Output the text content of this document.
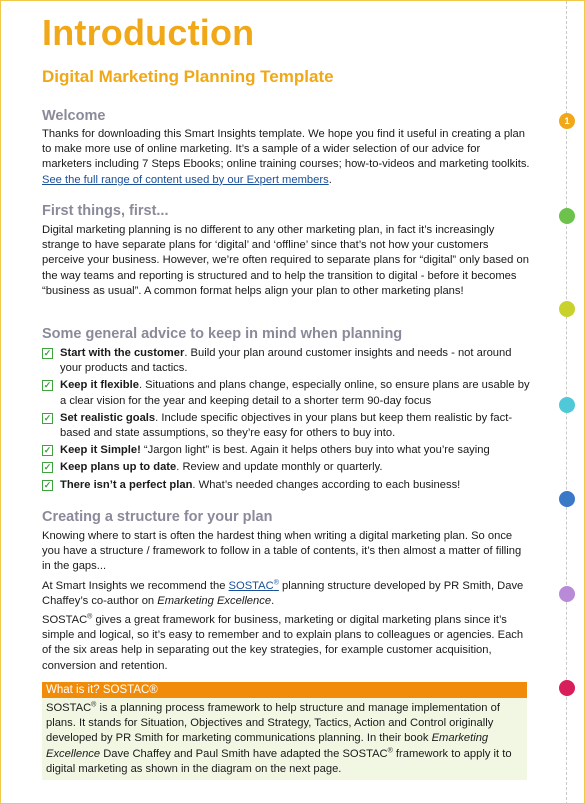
1
Introduction
Digital Marketing Planning Template
Welcome

Thanks for downloading this Smart Insights template. We hope you find it useful in creating a plan to make more use of online marketing. It’s a sample of a wider selection of our advice for marketers including 7 Steps Ebooks; online training courses; how-to-videos and marketing toolkits. See the full range of content used by our Expert members.

First things, first...

Digital marketing planning is no different to any other marketing plan, in fact it’s increasingly strange to have separate plans for ‘digital’ and ‘offline’ since that’s not how your customers perceive your business. However, we’re often required to separate plans for “digital” only based on the way teams and reporting is structured and to help the transition to digital - before it becomes “business as usual”. A common format helps align your plan to other marketing plans!

Some general advice to keep in mind when planning
✓ Start with the customer. Build your plan around customer insights and needs - not around your products and tactics.
✓ Keep it flexible. Situations and plans change, especially online, so ensure plans are usable by a clear vision for the year and keeping detail to a shorter term 90-day focus
✓ Set realistic goals. Include specific objectives in your plans but keep them realistic by fact-based and state assumptions, so they’re easy for others to buy into.
✓ Keep it Simple! “Jargon light” is best. Again it helps others buy into what you’re saying
✓ Keep plans up to date. Review and update monthly or quarterly.
✓ There isn’t a perfect plan. What’s needed changes according to each business!
Creating a structure for your plan

Knowing where to start is often the hardest thing when writing a digital marketing plan. So once you have a structure / framework to follow in a table of contents, it’s then almost a matter of filling in the gaps...

At Smart Insights we recommend the SOSTAC® planning structure developed by PR Smith, Dave Chaffey’s co-author on Emarketing Excellence.

SOSTAC® gives a great framework for business, marketing or digital marketing plans since it’s simple and logical, so it’s easy to remember and to explain plans to colleagues or agencies. Each of the six areas help in separating out the key strategies, for example customer acquisition, conversion and retention.

What is it? SOSTAC®

SOSTAC® is a planning process framework to help structure and manage implementation of plans. It stands for Situation, Objectives and Strategy, Tactics, Action and Control originally developed by PR Smith for marketing communications planning. In their book Emarketing Excellence Dave Chaffey and Paul Smith have adapted the SOSTAC® framework to apply it to digital marketing as shown in the diagram on the next page.
